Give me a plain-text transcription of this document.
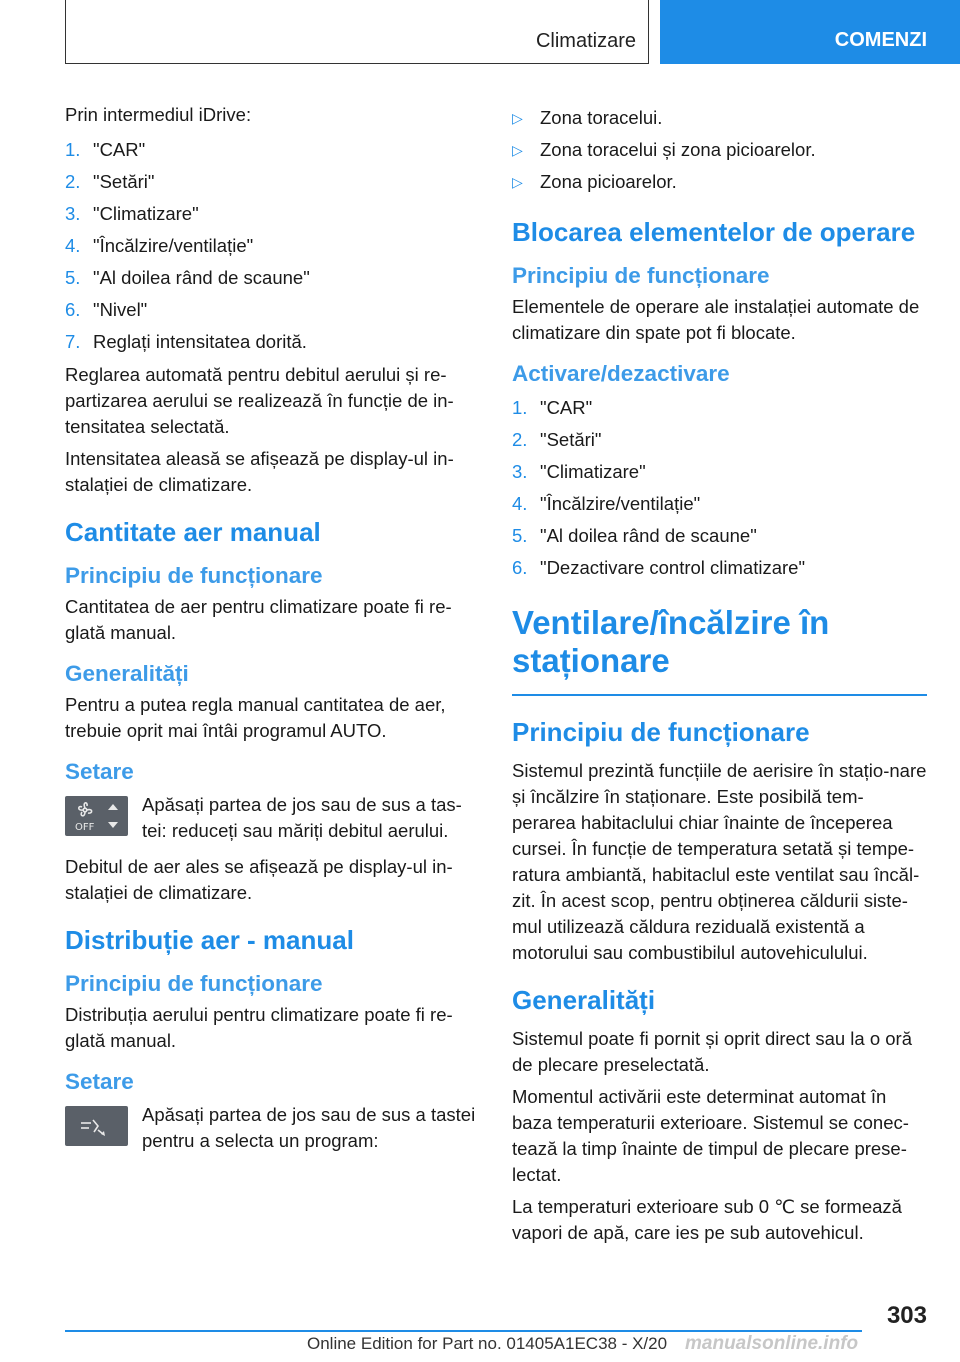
Climatizare	COMENZI

Prin intermediul iDrive:

1. "CAR"
2. "Setări"
3. "Climatizare"
4. "Încălzire/ventilație"
5. "Al doilea rând de scaune"
6. "Nivel"
7. Reglați intensitatea dorită.

Reglarea automată pentru debitul aerului și re-partizarea aerului se realizează în funcție de in-tensitatea selectată.

Intensitatea aleasă se afișează pe display-ul in-stalației de climatizare.

Cantitate aer manual
Principiu de funcționare

Cantitatea de aer pentru climatizare poate fi re-glată manual.

Generalități

Pentru a putea regla manual cantitatea de aer, trebuie oprit mai întâi programul AUTO.

Setare
OFF

Apăsați partea de jos sau de sus a tas-tei: reduceți sau măriți debitul aerului.

Debitul de aer ales se afișează pe display-ul in-stalației de climatizare.

Distribuție aer - manual
Principiu de funcționare

Distribuția aerului pentru climatizare poate fi re-glată manual.

Setare

Apăsați partea de jos sau de sus a tastei pentru a selecta un program:

▷ Zona toracelui.
▷ Zona toracelui și zona picioarelor.
▷ Zona picioarelor.
Blocarea elementelor de operare
Principiu de funcționare

Elementele de operare ale instalației automate de climatizare din spate pot fi blocate.

Activare/dezactivare
1. "CAR"
2. "Setări"
3. "Climatizare"
4. "Încălzire/ventilație"
5. "Al doilea rând de scaune"
6. "Dezactivare control climatizare"
Ventilare/încălzire în
staționare
Principiu de funcționare

Sistemul prezintă funcțiile de aerisire în stațio-nare și încălzire în staționare. Este posibilă tem-perarea habitaclului chiar înainte de începerea cursei. În funcție de temperatura setată și tempe-ratura ambiantă, habitaclul este ventilat sau încăl-zit. În acest scop, pentru obținerea căldurii siste-mul utilizează căldura reziduală existentă a motorului sau combustibilul autovehiculului.

Generalități

Sistemul poate fi pornit și oprit direct sau la o oră de plecare preselectată.

Momentul activării este determinat automat în baza temperaturii exterioare. Sistemul se conec-tează la timp înainte de timpul de plecare prese-lectat.

La temperaturi exterioare sub 0 ℃ se formează vapori de apă, care ies pe sub autovehicul.

303
Online Edition for Part no. 01405A1EC38 - X/20 manualsonline.info
